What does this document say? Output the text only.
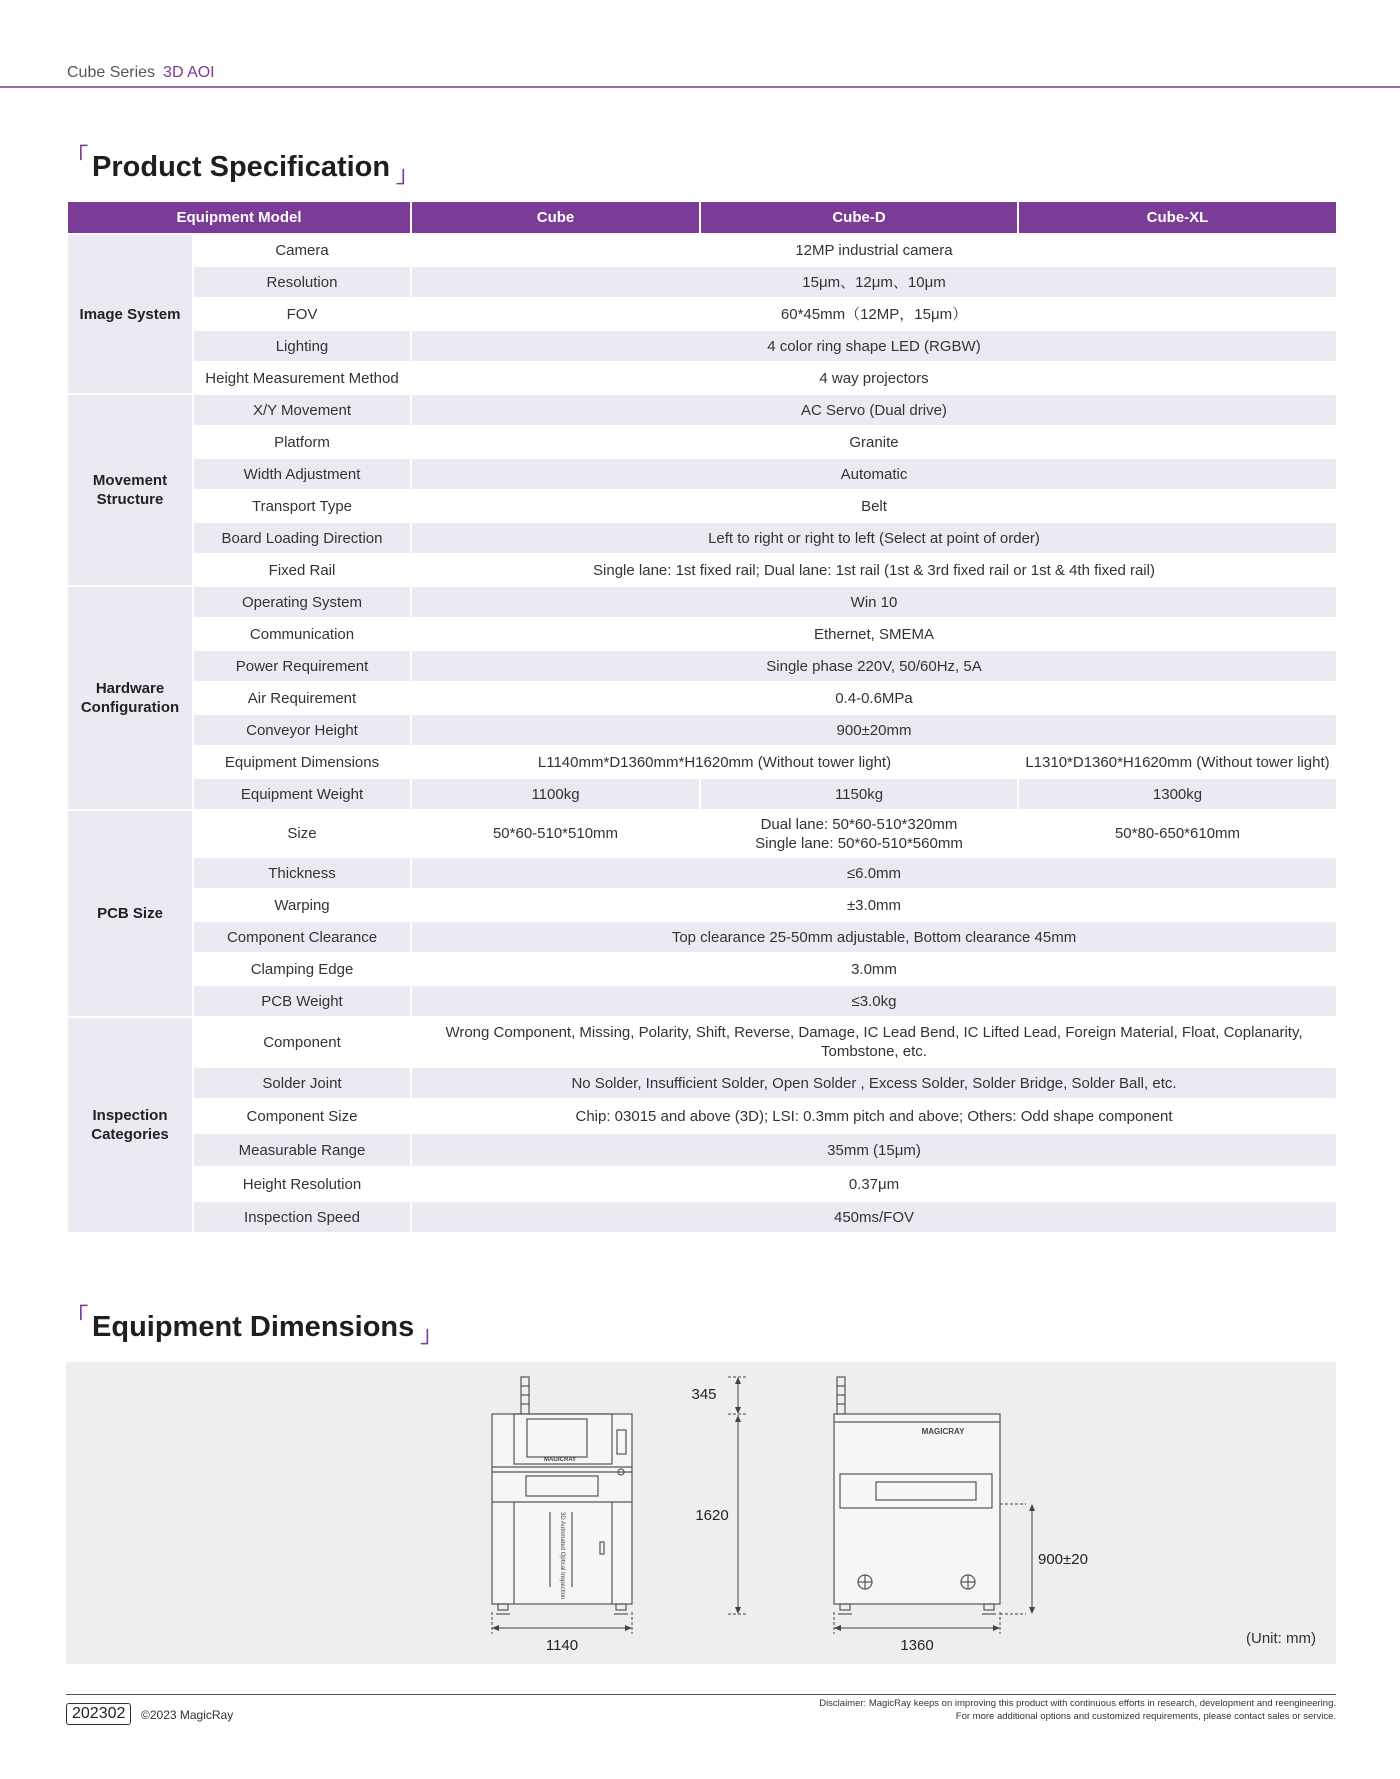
Cube Series 3D AOI
「 Product Specification $_」$
Equipment Model		Cube	Cube-D	Cube-XL
Image System	Camera	12MP industrial camera		
	Resolution	15μm、12μm、10μm		
	FOV	60*45mm（12MP，15μm）		
	Lighting	4 color ring shape LED (RGBW)		
	Height Measurement Method	4 way projectors		
Movement Structure	X/Y Movement	AC Servo (Dual drive)		
	Platform	Granite		
	Width Adjustment	Automatic		
	Transport Type	Belt		
	Board Loading Direction	Left to right or right to left (Select at point of order)		
	Fixed Rail	Single lane: 1st fixed rail; Dual lane: 1st rail (1st & 3rd fixed rail or 1st & 4th fixed rail)		
Hardware Configuration	Operating System	Win 10		
	Communication	Ethernet, SMEMA		
	Power Requirement	Single phase 220V, 50/60Hz, 5A		
	Air Requirement	0.4-0.6MPa		
	Conveyor Height	900±20mm		
	Equipment Dimensions	L1140mm*D1360mm*H1620mm (Without tower light)		L1310*D1360*H1620mm (Without tower light)
	Equipment Weight	1100kg	1150kg	1300kg
PCB Size	Size	50*60-510*510mm	Dual lane: 50*60-510*320mm
Single lane: 50*60-510*560mm	50*80-650*610mm
	Thickness	≤6.0mm		
	Warping	±3.0mm		
	Component Clearance	Top clearance 25-50mm adjustable, Bottom clearance 45mm		
	Clamping Edge	3.0mm		
	PCB Weight	≤3.0kg		
Inspection Categories	Component	Wrong Component, Missing, Polarity, Shift, Reverse, Damage, IC Lead Bend, IC Lifted Lead, Foreign Material, Float, Coplanarity, Tombstone, etc.		
	Solder Joint	No Solder, Insufficient Solder, Open Solder , Excess Solder, Solder Bridge, Solder Ball, etc.		
	Component Size	Chip: 03015 and above (3D); LSI: 0.3mm pitch and above; Others: Odd shape component		
	Measurable Range	35mm (15μm)		
	Height Resolution	0.37μm		
	Inspection Speed	450ms/FOV		
「 Equipment Dimensions $_」$
345
1620
1140	1360
900±20
MAGICRAY
MAGICRAY
3D Automated Optical Inspection
(Unit: mm)
202302	©2023 MagicRay
Disclaimer: MagicRay keeps on improving this product with continuous efforts in research, development and reengineering.
For more additional options and customized requirements, please contact sales or service.
